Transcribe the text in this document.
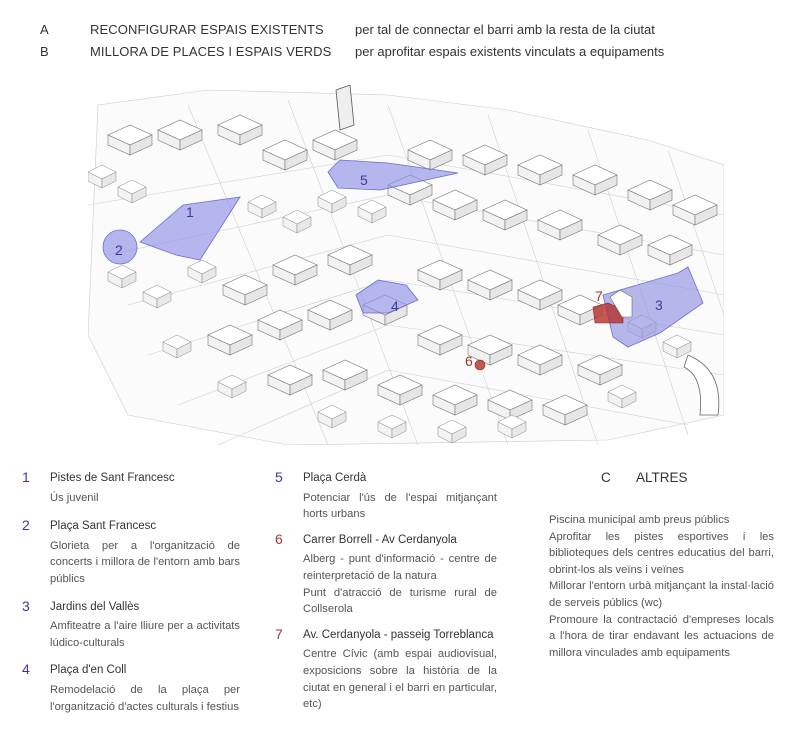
A	RECONFIGURAR ESPAIS EXISTENTS per tal de connectar el barri amb la resta de la ciutat
B	MILLORA DE PLACES I ESPAIS VERDS per aprofitar espais existents vinculats a equipaments
1
2
3
4
5
6
7
1 Pistes de Sant Francesc
Ús juvenil
2 Plaça Sant Francesc
Glorieta per a l'organització de concerts i millora de l'entorn amb bars públics
3 Jardins del Vallès
Amfiteatre a l'aire lliure per a activitats lúdico-culturals
4 Plaça d'en Coll
Remodelació de la plaça per l'organització d'actes culturals i festius
5 Plaça Cerdà
Potenciar l'ús de l'espai mitjançant horts urbans
6 Carrer Borrell - Av Cerdanyola
Alberg - punt d'informació - centre de reinterpretació de la natura
Punt d'atracció de turisme rural de Collserola
7 Av. Cerdanyola - passeig Torreblanca
Centre Cívic (amb espai audiovisual, exposicions sobre la història de la ciutat en general i el barri en particular, etc)
C ALTRES
Piscina municipal amb preus públics
Aprofitar les pistes esportives i les biblioteques dels centres educatius del barri, obrint-los als veïns i veïnes
Millorar l'entorn urbà mitjançant la instal·lació de serveis públics (wc)
Promoure la contractació d'empreses locals a l'hora de tirar endavant les actuacions de millora vinculades amb equipaments
